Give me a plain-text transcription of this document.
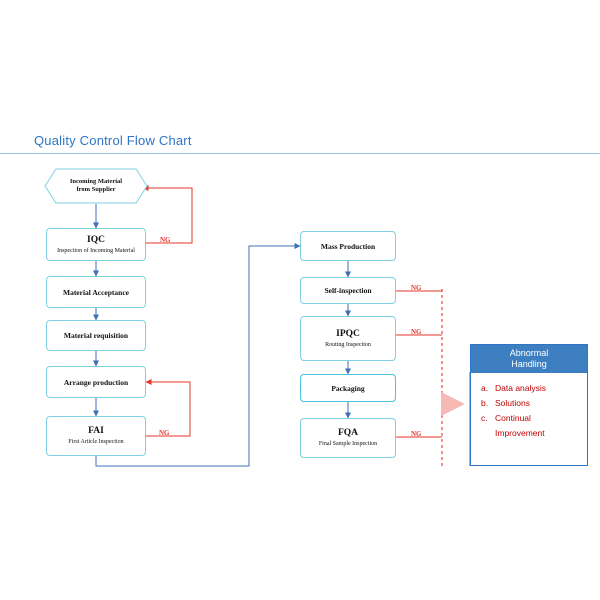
Quality Control Flow Chart
Incoming Material
from Supplier
IQC
Inspection of Incoming Material
Material Acceptance
Material requisition
Arrange production
FAI
First Article Inspection
Mass Production
Self-inspection
IPQC
Routing Inspection
Packaging
FQA
Final Sample Inspection
NG
NG
NG
NG
NG
Abnormal
Handling
a. Data analysis
b. Solutions
c. Continual
Improvement
